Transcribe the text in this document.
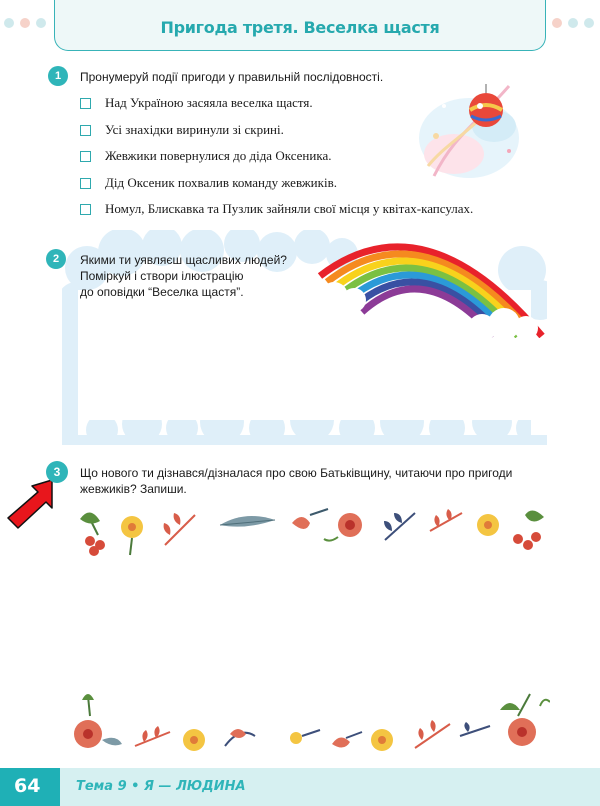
Пригода третя. Веселка щастя
1	Пронумеруй події пригоди у правильній послідовності.
Над Україною засяяла веселка щастя.
Усі знахідки виринули зі скрині.
Жевжики повернулися до діда Оксеника.
Дід Оксеник похвалив команду жевжиків.
Номул, Блискавка та Пузлик зайняли свої місця у квітах-капсулах.
2	Якими ти уявляєш щасливих людей?
Поміркуй і створи ілюстрацію
до оповідки “Веселка щастя”.
3	Що нового ти дізнався/дізналася про свою Батьківщину, читаючи про пригоди
жевжиків? Запиши.
64	Тема 9 • Я — ЛЮДИНА
